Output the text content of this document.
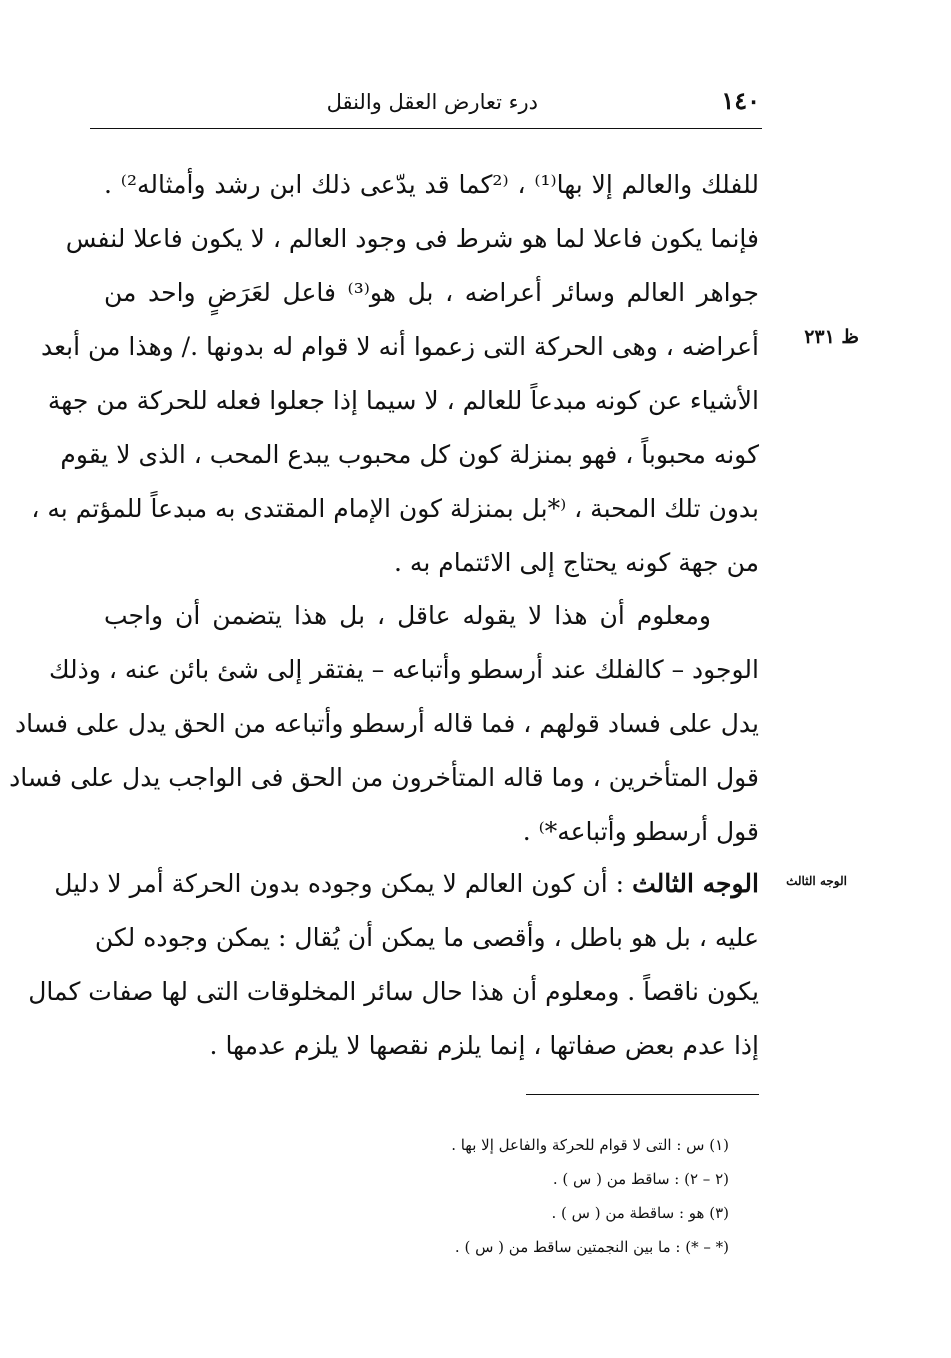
درء تعارض العقل والنقل	١٤٠
ظ ٢٣١
الوجه الثالث
للفلك والعالم إلا بها⁽¹⁾ ، ⁽²كما قد يدّعى ذلك ابن رشد وأمثاله²⁾ .
فإنما يكون فاعلا لما هو شرط فى وجود العالم ، لا يكون فاعلا لنفس
جواهر العالم وسائر أعراضه ، بل هو⁽³⁾ فاعل لعَرَضٍ واحد من
أعراضه ، وهى الحركة التى زعموا أنه لا قوام له بدونها ./ وهذا من أبعد
الأشياء عن كونه مبدعاً للعالم ، لا سيما إذا جعلوا فعله للحركة من جهة
كونه محبوباً ، فهو بمنزلة كون كل محبوب يبدع المحب ، الذى لا يقوم
بدون تلك المحبة ، ⁽*بل بمنزلة كون الإمام المقتدى به مبدعاً للمؤتم به ،
من جهة كونه يحتاج إلى الائتمام به .
ومعلوم أن هذا لا يقوله عاقل ، بل هذا يتضمن أن واجب
الوجود – كالفلك عند أرسطو وأتباعه – يفتقر إلى شئ بائن عنه ، وذلك
يدل على فساد قولهم ، فما قاله أرسطو وأتباعه من الحق يدل على فساد
قول المتأخرين ، وما قاله المتأخرون من الحق فى الواجب يدل على فساد
قول أرسطو وأتباعه*⁾ .
الوجه الثالث : أن كون العالم لا يمكن وجوده بدون الحركة أمر لا دليل
عليه ، بل هو باطل ، وأقصى ما يمكن أن يُقال : يمكن وجوده لكن
يكون ناقصاً . ومعلوم أن هذا حال سائر المخلوقات التى لها صفات كمال
إذا عدم بعض صفاتها ، إنما يلزم نقصها لا يلزم عدمها .
(١) س : التى لا قوام للحركة والفاعل إلا بها .
(٢ – ٢) : ساقط من ( س ) .
(٣) هو : ساقطة من ( س ) .
(* – *) : ما بين النجمتين ساقط من ( س ) .
